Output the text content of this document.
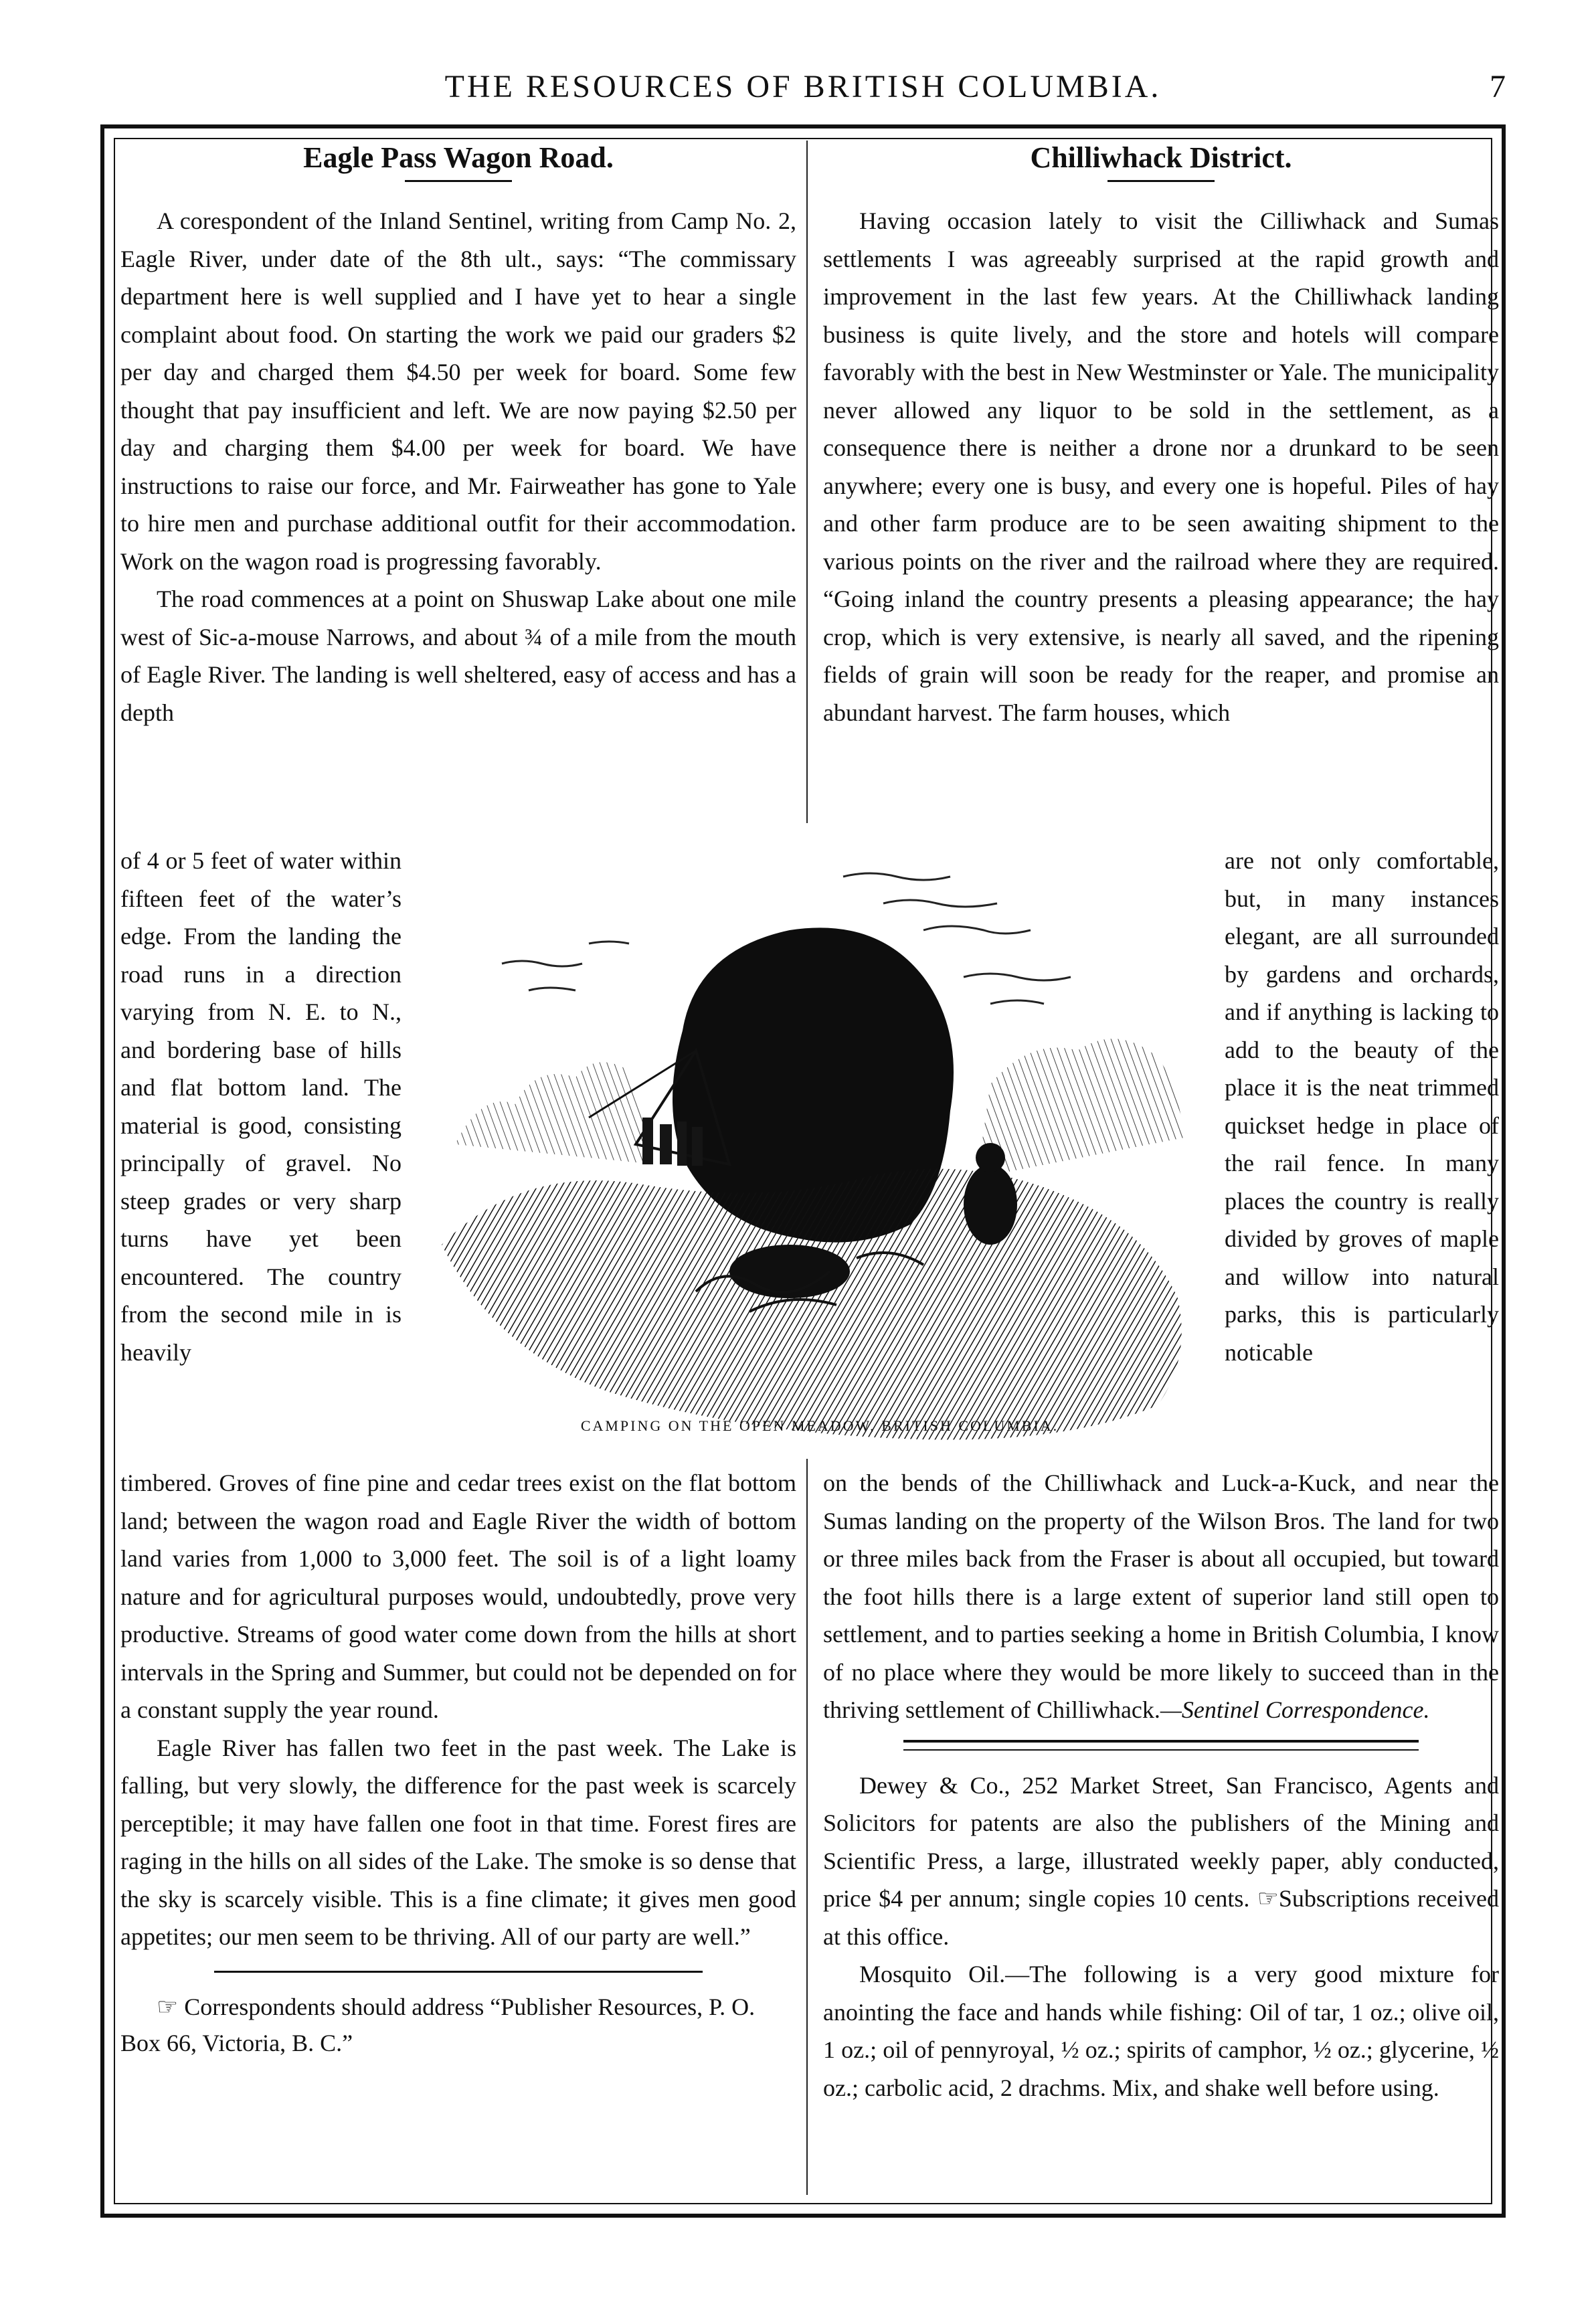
THE RESOURCES OF BRITISH COLUMBIA.	7
Eagle Pass Wagon Road.

A corespondent of the Inland Sentinel, writing from Camp No. 2, Eagle River, under date of the 8th ult., says: “The commissary department here is well supplied and I have yet to hear a single complaint about food. On starting the work we paid our graders $2 per day and charged them $4.50 per week for board. Some few thought that pay insufficient and left. We are now paying $2.50 per day and charging them $4.00 per week for board. We have instructions to raise our force, and Mr. Fairweather has gone to Yale to hire men and purchase additional outfit for their accommodation. Work on the wagon road is progressing favorably.

The road commences at a point on Shuswap Lake about one mile west of Sic-a-mouse Narrows, and about ¾ of a mile from the mouth of Eagle River. The landing is well sheltered, easy of access and has a depth

Chilliwhack District.

Having occasion lately to visit the Cilliwhack and Sumas settlements I was agreeably surprised at the rapid growth and improvement in the last few years. At the Chilliwhack landing business is quite lively, and the store and hotels will compare favorably with the best in New Westminster or Yale. The municipality never allowed any liquor to be sold in the settlement, as a consequence there is neither a drone nor a drunkard to be seen anywhere; every one is busy, and every one is hopeful. Piles of hay and other farm produce are to be seen awaiting shipment to the various points on the river and the railroad where they are required. “Going inland the country presents a pleasing appearance; the hay crop, which is very extensive, is nearly all saved, and the ripening fields of grain will soon be ready for the reaper, and promise an abundant harvest. The farm houses, which

of 4 or 5 feet of water within fifteen feet of the water’s edge. From the landing the road runs in a direction varying from N. E. to N., and bordering base of hills and flat bottom land. The material is good, consisting principally of gravel. No steep grades or very sharp turns have yet been encountered. The country from the second mile in is heavily

are not only comfortable, but, in many instances elegant, are all surrounded by gardens and orchards, and if anything is lacking to add to the beauty of the place it is the neat trimmed quickset hedge in place of the rail fence. In many places the country is really divided by groves of maple and willow into natural parks, this is particularly noticable

CAMPING ON THE OPEN MEADOW, BRITISH COLUMBIA.

timbered. Groves of fine pine and cedar trees exist on the flat bottom land; between the wagon road and Eagle River the width of bottom land varies from 1,000 to 3,000 feet. The soil is of a light loamy nature and for agricultural purposes would, undoubtedly, prove very productive. Streams of good water come down from the hills at short intervals in the Spring and Summer, but could not be depended on for a constant supply the year round.

Eagle River has fallen two feet in the past week. The Lake is falling, but very slowly, the difference for the past week is scarcely perceptible; it may have fallen one foot in that time. Forest fires are raging in the hills on all sides of the Lake. The smoke is so dense that the sky is scarcely visible. This is a fine climate; it gives men good appetites; our men seem to be thriving. All of our party are well.”

☞ Correspondents should address “Publisher Resources, P. O. Box 66, Victoria, B. C.”

on the bends of the Chilliwhack and Luck-a-Kuck, and near the Sumas landing on the property of the Wilson Bros. The land for two or three miles back from the Fraser is about all occupied, but toward the foot hills there is a large extent of superior land still open to settlement, and to parties seeking a home in British Columbia, I know of no place where they would be more likely to succeed than in the thriving settlement of Chilliwhack.—Sentinel Correspondence.

Dewey & Co., 252 Market Street, San Francisco, Agents and Solicitors for patents are also the publishers of the Mining and Scientific Press, a large, illustrated weekly paper, ably conducted, price $4 per annum; single copies 10 cents. ☞Subscriptions received at this office.

Mosquito Oil.—The following is a very good mixture for anointing the face and hands while fishing: Oil of tar, 1 oz.; olive oil, 1 oz.; oil of pennyroyal, ½ oz.; spirits of camphor, ½ oz.; glycerine, ½ oz.; carbolic acid, 2 drachms. Mix, and shake well before using.
